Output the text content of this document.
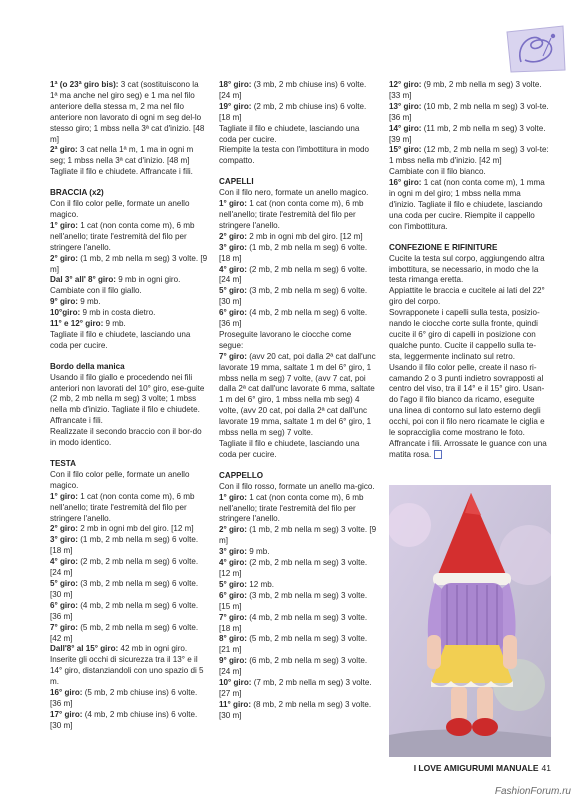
1ª (o 23ª giro bis): 3 cat (sostituiscono la 1ª ma anche nel giro seg) e 1 ma nel filo anteriore della stessa m, 2 ma nel filo anteriore non lavorato di ogni m seg del-lo stesso giro; 1 mbss nella 3ª cat d'inizio. [48 m]

2ª giro: 3 cat nella 1ª m, 1 ma in ogni m seg; 1 mbss nella 3ª cat d'inizio. [48 m]

Tagliate il filo e chiudete. Affrancate i fili.

BRACCIA (x2)

Con il filo color pelle, formate un anello magico.

1° giro: 1 cat (non conta come m), 6 mb nell'anello; tirate l'estremità del filo per stringere l'anello.

2° giro: (1 mb, 2 mb nella m seg) 3 volte. [9 m]

Dal 3° all' 8° giro: 9 mb in ogni giro.

Cambiate con il filo giallo.

9° giro: 9 mb.

10°giro: 9 mb in costa dietro.

11° e 12° giro: 9 mb.

Tagliate il filo e chiudete, lasciando una coda per cucire.

Bordo della manica

Usando il filo giallo e procedendo nei fili anteriori non lavorati del 10° giro, ese-guite (2 mb, 2 mb nella m seg) 3 volte; 1 mbss nella mb d'inizio. Tagliate il filo e chiudete. Affrancate i fili.

Realizzate il secondo braccio con il bor-do in modo identico.

TESTA

Con il filo color pelle, formate un anello magico.

1° giro: 1 cat (non conta come m), 6 mb nell'anello; tirate l'estremità del filo per stringere l'anello.

2° giro: 2 mb in ogni mb del giro. [12 m]

3° giro: (1 mb, 2 mb nella m seg) 6 volte. [18 m]

4° giro: (2 mb, 2 mb nella m seg) 6 volte. [24 m]

5° giro: (3 mb, 2 mb nella m seg) 6 volte. [30 m]

6° giro: (4 mb, 2 mb nella m seg) 6 volte. [36 m]

7° giro: (5 mb, 2 mb nella m seg) 6 volte. [42 m]

Dall'8° al 15° giro: 42 mb in ogni giro.

Inserite gli occhi di sicurezza tra il 13° e il 14° giro, distanziandoli con uno spazio di 5 m.

16° giro: (5 mb, 2 mb chiuse ins) 6 volte. [36 m]

17° giro: (4 mb, 2 mb chiuse ins) 6 volte. [30 m]

18° giro: (3 mb, 2 mb chiuse ins) 6 volte. [24 m]

19° giro: (2 mb, 2 mb chiuse ins) 6 volte. [18 m]

Tagliate il filo e chiudete, lasciando una coda per cucire.

Riempite la testa con l'imbottitura in modo compatto.

CAPELLI

Con il filo nero, formate un anello magico.

1° giro: 1 cat (non conta come m), 6 mb nell'anello; tirate l'estremità del filo per stringere l'anello.

2° giro: 2 mb in ogni mb del giro. [12 m]

3° giro: (1 mb, 2 mb nella m seg) 6 volte. [18 m]

4° giro: (2 mb, 2 mb nella m seg) 6 volte. [24 m]

5° giro: (3 mb, 2 mb nella m seg) 6 volte. [30 m]

6° giro: (4 mb, 2 mb nella m seg) 6 volte. [36 m]

Proseguite lavorano le ciocche come segue:

7° giro: (avv 20 cat, poi dalla 2ª cat dall'unc lavorate 19 mma, saltate 1 m del 6° giro, 1 mbss nella m seg) 7 volte, (avv 7 cat, poi dalla 2ª cat dall'unc lavorate 6 mma, saltate 1 m del 6° giro, 1 mbss nella mb seg) 4 volte, (avv 20 cat, poi dalla 2ª cat dall'unc lavorate 19 mma, saltate 1 m del 6° giro, 1 mbss nella m seg) 7 volte.

Tagliate il filo e chiudete, lasciando una coda per cucire.

CAPPELLO

Con il filo rosso, formate un anello ma-gico.

1° giro: 1 cat (non conta come m), 6 mb nell'anello; tirate l'estremità del filo per stringere l'anello.

2° giro: (1 mb, 2 mb nella m seg) 3 volte. [9 m]

3° giro: 9 mb.

4° giro: (2 mb, 2 mb nella m seg) 3 volte. [12 m]

5° giro: 12 mb.

6° giro: (3 mb, 2 mb nella m seg) 3 volte. [15 m]

7° giro: (4 mb, 2 mb nella m seg) 3 volte. [18 m]

8° giro: (5 mb, 2 mb nella m seg) 3 volte. [21 m]

9° giro: (6 mb, 2 mb nella m seg) 3 volte. [24 m]

10° giro: (7 mb, 2 mb nella m seg) 3 volte. [27 m]

11° giro: (8 mb, 2 mb nella m seg) 3 volte. [30 m]

12° giro: (9 mb, 2 mb nella m seg) 3 volte. [33 m]

13° giro: (10 mb, 2 mb nella m seg) 3 vol-te. [36 m]

14° giro: (11 mb, 2 mb nella m seg) 3 volte. [39 m]

15° giro: (12 mb, 2 mb nella m seg) 3 vol-te: 1 mbss nella mb d'inizio. [42 m]

Cambiate con il filo bianco.

16° giro: 1 cat (non conta come m), 1 mma in ogni m del giro; 1 mbss nella mma d'inizio. Tagliate il filo e chiudete, lasciando una coda per cucire. Riempite il cappello con l'imbottitura.

CONFEZIONE E RIFINITURE

Cucite la testa sul corpo, aggiungendo altra imbottitura, se necessario, in modo che la testa rimanga eretta.

Appiattite le braccia e cucitele ai lati del 22° giro del corpo.

Sovrapponete i capelli sulla testa, posizio-nando le ciocche corte sulla fronte, quindi cucite il 6° giro di capelli in posizione con qualche punto. Cucite il cappello sulla te-sta, leggermente inclinato sul retro.

Usando il filo color pelle, create il naso ri-camando 2 o 3 punti indietro sovrapposti al centro del viso, tra il 14° e il 15° giro. Usan-do l'ago il filo bianco da ricamo, eseguite una linea di contorno sul lato esterno degli occhi, poi con il filo nero ricamate le ciglia e le sopracciglia come mostrano le foto. Affrancate i fili. Arrossate le guance con una matita rosa.

I LOVE AMIGURUMI MANUALE 41
FashionForum.ru
